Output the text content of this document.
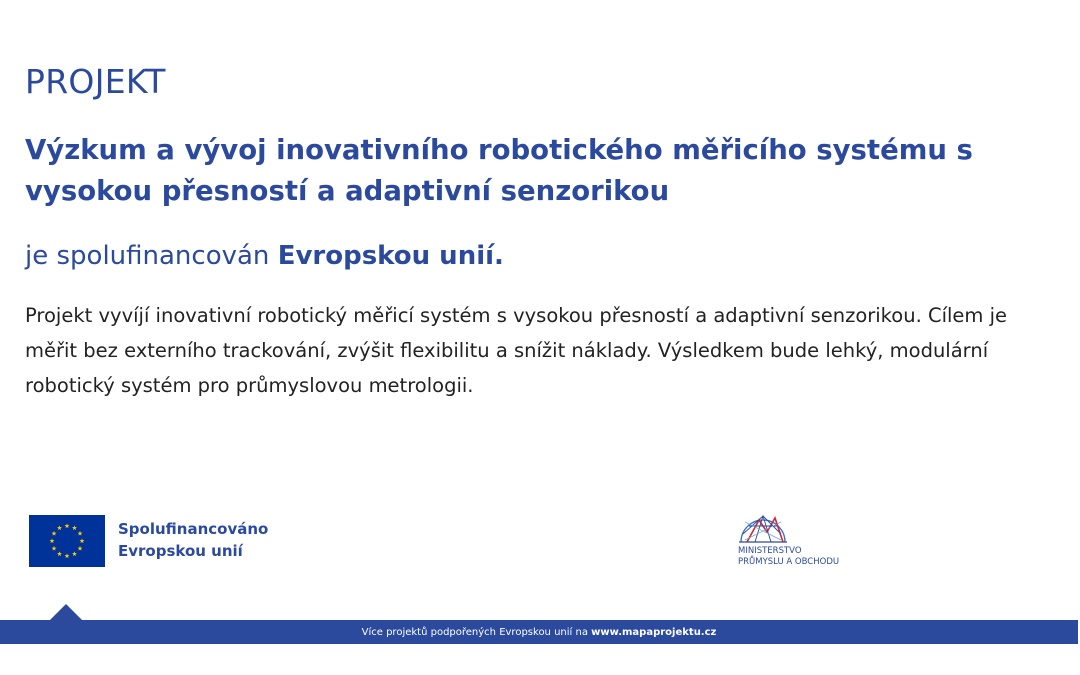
PROJEKT
Výzkum a vývoj inovativního robotického měřicího systému s vysokou přesností a adaptivní senzorikou
je spolufinancován Evropskou unií.
Projekt vyvíjí inovativní robotický měřicí systém s vysokou přesností a adaptivní senzorikou. Cílem je měřit bez externího trackování, zvýšit flexibilitu a snížit náklady. Výsledkem bude lehký, modulární robotický systém pro průmyslovou metrologii.
Spolufinancováno
Evropskou unií	MINISTERSTVO
PRŮMYSLU A OBCHODU
Více projektů podpořených Evropskou unií na
www.mapaprojektu.cz
